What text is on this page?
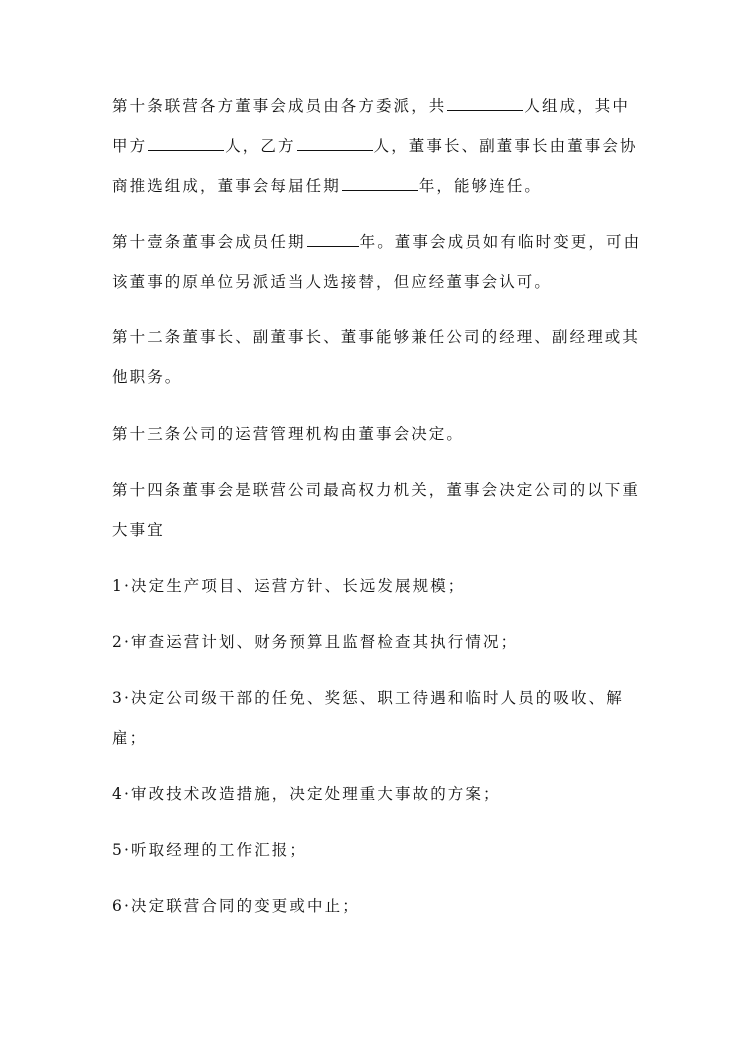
第十条联营各方董事会成员由各方委派，共	人组成，其中
甲方	人，乙方	人，董事长、副董事长由董事会协
商推选组成，董事会每届任期	年，能够连任。
第十壹条董事会成员任期	年。董事会成员如有临时变更，可由
该董事的原单位另派适当人选接替，但应经董事会认可。
第十二条董事长、副董事长、董事能够兼任公司的经理、副经理或其
他职务。
第十三条公司的运营管理机构由董事会决定。
第十四条董事会是联营公司最高权力机关，董事会决定公司的以下重
大事宜
1·决定生产项目、运营方针、长远发展规模；
2·审查运营计划、财务预算且监督检查其执行情况；
3·决定公司级干部的任免、奖惩、职工待遇和临时人员的吸收、解
雇；
4·审改技术改造措施，决定处理重大事故的方案；
5·听取经理的工作汇报；
6·决定联营合同的变更或中止；
